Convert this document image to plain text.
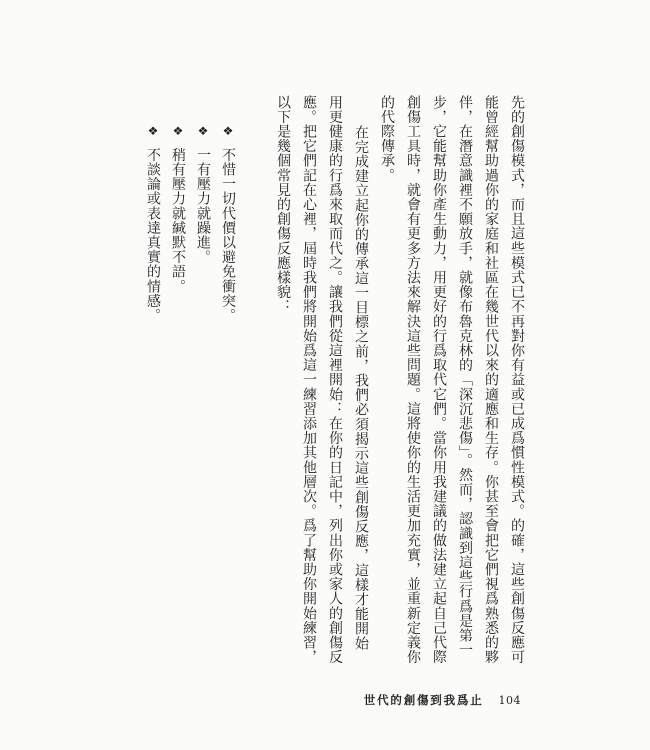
先的創傷模式，而且這些模式已不再對你有益或已成爲慣性模式。的確，這些創傷反應可
能曾經幫助過你的家庭和社區在幾世代以來的適應和生存。你甚至會把它們視爲熟悉的夥
伴，在潛意識裡不願放手，就像布魯克林的「深沉悲傷」。然而，認識到這些行爲是第一
步，它能幫助你產生動力，用更好的行爲取代它們。當你用我建議的做法建立起自己代際
創傷工具時，就會有更多方法來解決這些問題。這將使你的生活更加充實，並重新定義你
的代際傳承。
在完成建立起你的傳承這一目標之前，我們必須揭示這些創傷反應，這樣才能開始
用更健康的行爲來取而代之。讓我們從這裡開始：在你的日記中，列出你或家人的創傷反
應。把它們記在心裡，屆時我們將開始爲這一練習添加其他層次。爲了幫助你開始練習，
以下是幾個常見的創傷反應樣貌：
❖不惜一切代價以避免衝突。
❖一有壓力就躁進。
❖稍有壓力就緘默不語。
❖不談論或表達真實的情感。
世代的創傷到我爲止 104
